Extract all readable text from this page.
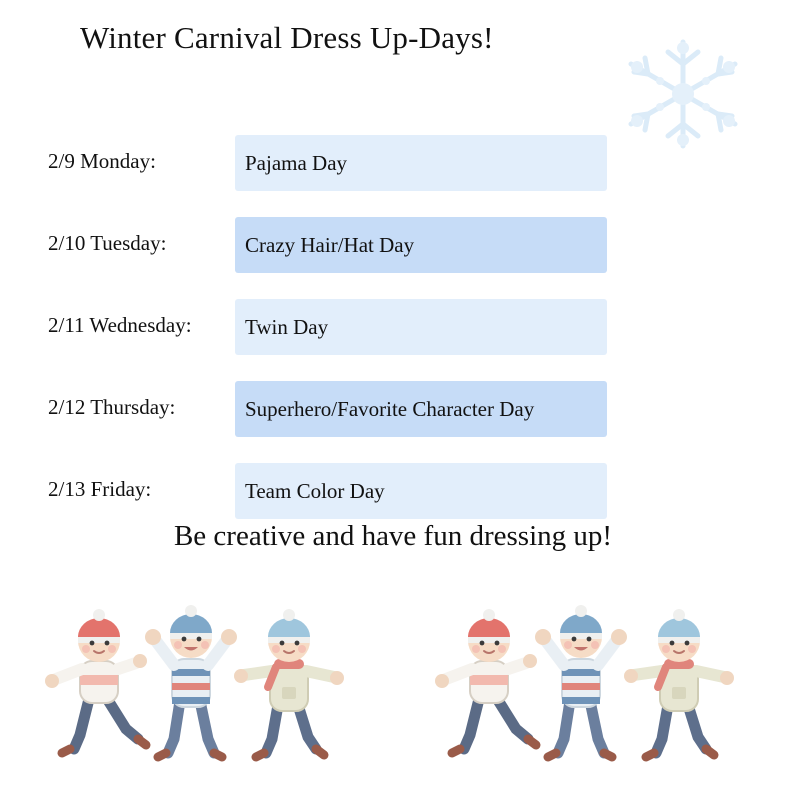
Winter Carnival Dress Up-Days!
2/9 Monday:	Pajama Day
2/10 Tuesday:	Crazy Hair/Hat Day
2/11 Wednesday:	Twin Day
2/12 Thursday:	Superhero/Favorite Character Day
2/13 Friday:	Team Color Day
Be creative and have fun dressing up!
